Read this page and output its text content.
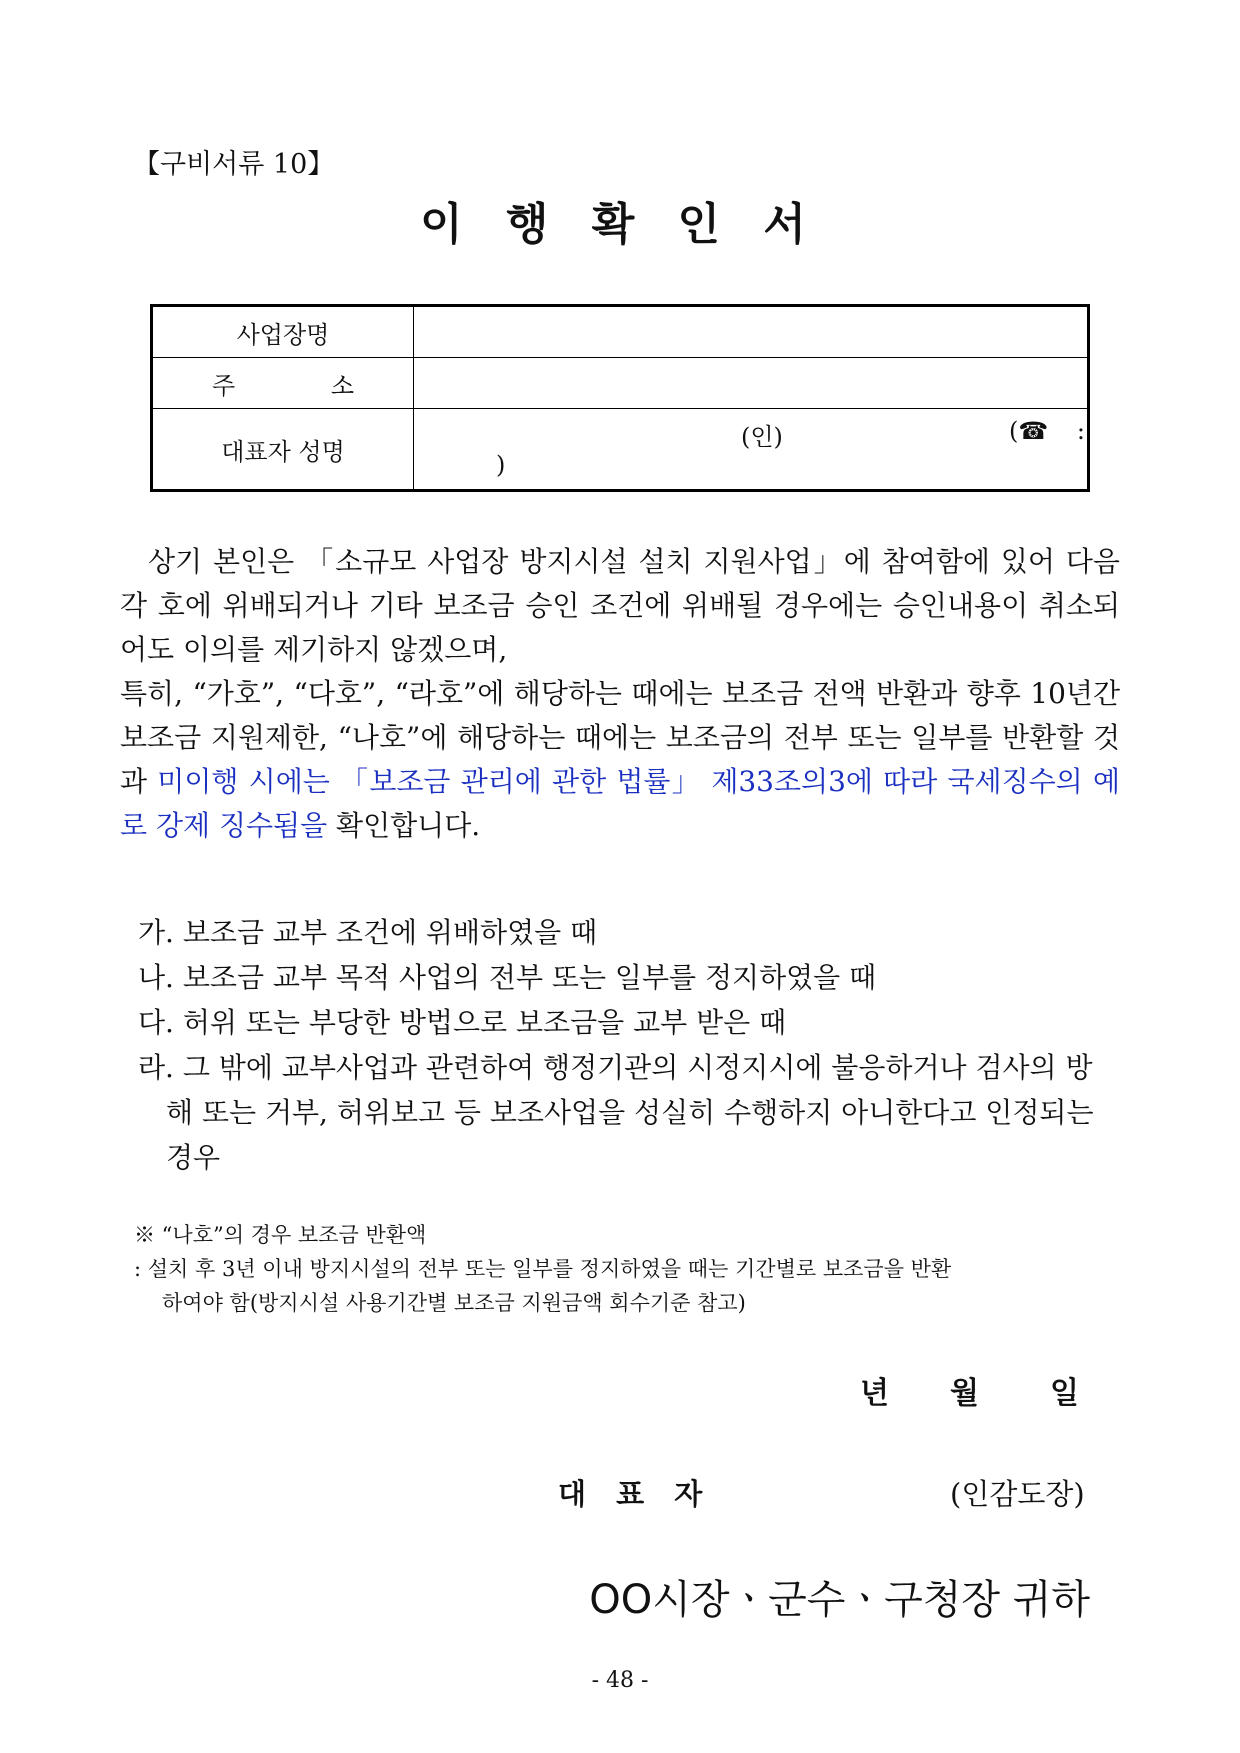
【구비서류 10】
이 행 확 인 서
사업장명	
주 소	
대표자 성명	(인) (☎ :
)
상기 본인은 「소규모 사업장 방지시설 설치 지원사업」에 참여함에 있어 다음 각 호에 위배되거나 기타 보조금 승인 조건에 위배될 경우에는 승인내용이 취소되어도 이의를 제기하지 않겠으며,
특히, “가호”, “다호”, “라호”에 해당하는 때에는 보조금 전액 반환과 향후 10년간 보조금 지원제한, “나호”에 해당하는 때에는 보조금의 전부 또는 일부를 반환할 것과 미이행 시에는 「보조금 관리에 관한 법률」 제33조의3에 따라 국세징수의 예로 강제 징수됨을 확인합니다.
가. 보조금 교부 조건에 위배하였을 때
나. 보조금 교부 목적 사업의 전부 또는 일부를 정지하였을 때
다. 허위 또는 부당한 방법으로 보조금을 교부 받은 때
라. 그 밖에 교부사업과 관련하여 행정기관의 시정지시에 불응하거나 검사의 방해 또는 거부, 허위보고 등 보조사업을 성실히 수행하지 아니한다고 인정되는 경우
※ “나호”의 경우 보조금 반환액
: 설치 후 3년 이내 방지시설의 전부 또는 일부를 정지하였을 때는 기간별로 보조금을 반환
하여야 함(방지시설 사용기간별 보조금 지원금액 회수기준 참고)
년 월 일
대 표 자	(인감도장)
OO시장ㆍ군수ㆍ구청장 귀하
- 48 -
